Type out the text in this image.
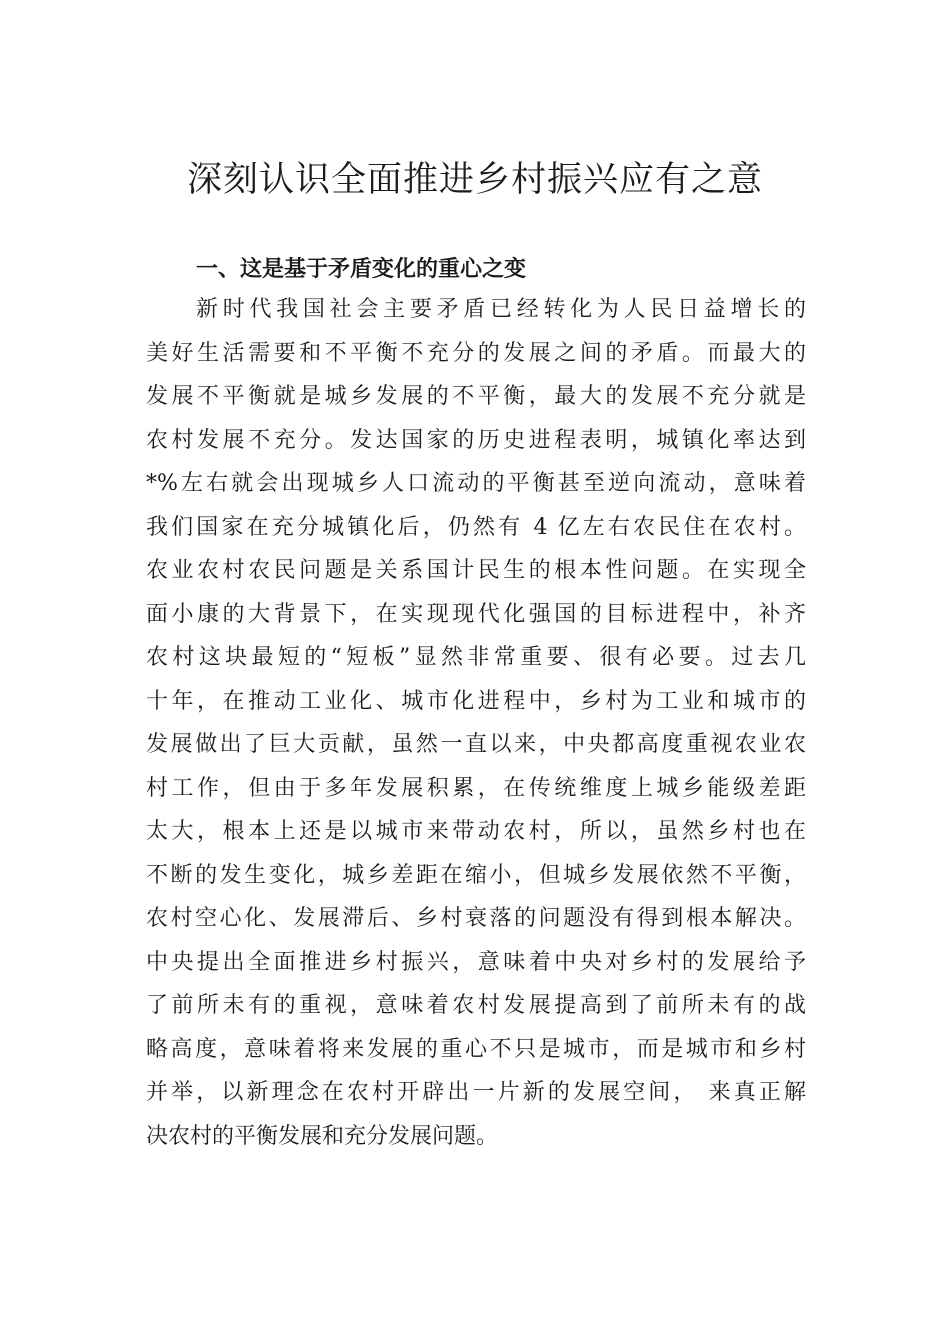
深刻认识全面推进乡村振兴应有之意
一、这是基于矛盾变化的重心之变
新时代我国社会主要矛盾已经转化为人民日益增长的
美好生活需要和不平衡不充分的发展之间的矛盾。而最大的
发展不平衡就是城乡发展的不平衡，最大的发展不充分就是
农村发展不充分。发达国家的历史进程表明，城镇化率达到
*%左右就会出现城乡人口流动的平衡甚至逆向流动，意味着
我们国家在充分城镇化后，仍然有 4 亿左右农民住在农村。
农业农村农民问题是关系国计民生的根本性问题。在实现全
面小康的大背景下，在实现现代化强国的目标进程中，补齐
农村这块最短的“短板”显然非常重要、很有必要。过去几
十年，在推动工业化、城市化进程中，乡村为工业和城市的
发展做出了巨大贡献，虽然一直以来，中央都高度重视农业农
村工作，但由于多年发展积累，在传统维度上城乡能级差距
太大，根本上还是以城市来带动农村，所以，虽然乡村也在
不断的发生变化，城乡差距在缩小，但城乡发展依然不平衡，
农村空心化、发展滞后、乡村衰落的问题没有得到根本解决。
中央提出全面推进乡村振兴，意味着中央对乡村的发展给予
了前所未有的重视，意味着农村发展提高到了前所未有的战
略高度，意味着将来发展的重心不只是城市，而是城市和乡村
并举，以新理念在农村开辟出一片新的发展空间， 来真正解
决农村的平衡发展和充分发展问题。
